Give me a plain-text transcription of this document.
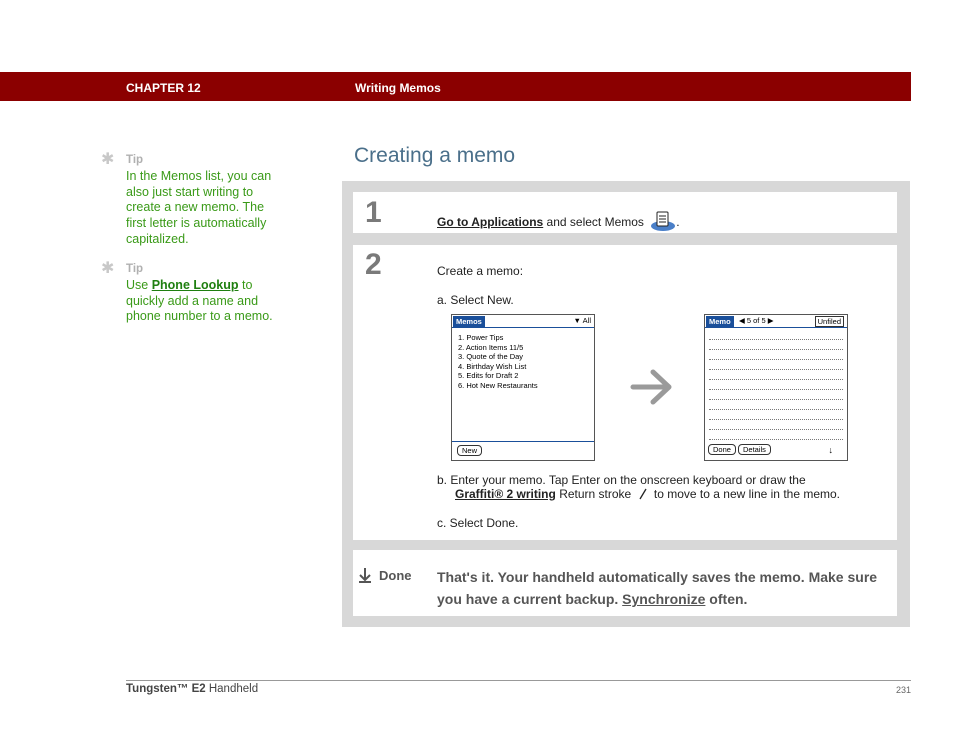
CHAPTER 12	Writing Memos
✱ Tip
In the Memos list, you can also just start writing to create a new memo. The first letter is automatically capitalized.
✱ Tip
Use Phone Lookup to quickly add a name and phone number to a memo.
Creating a memo
1	Go to Applications and select Memos	.
2	Create a memo:
a. Select New.
Memos	▼ All
1. Power Tips
2. Action Items 11/5
3. Quote of the Day
4. Birthday Wish List
5. Edits for Draft 2
6. Hot New Restaurants
New
Memo	◀ 5 of 5 ▶	Unfiled
Done	Details	↓
b. Enter your memo. Tap Enter on the onscreen keyboard or draw the
Graffiti® 2 writing Return stroke  to move to a new line in the memo.
c. Select Done.
Done That's it. Your handheld automatically saves the memo. Make sure you have a current backup. Synchronize often.
Tungsten™ E2 Handheld	231
